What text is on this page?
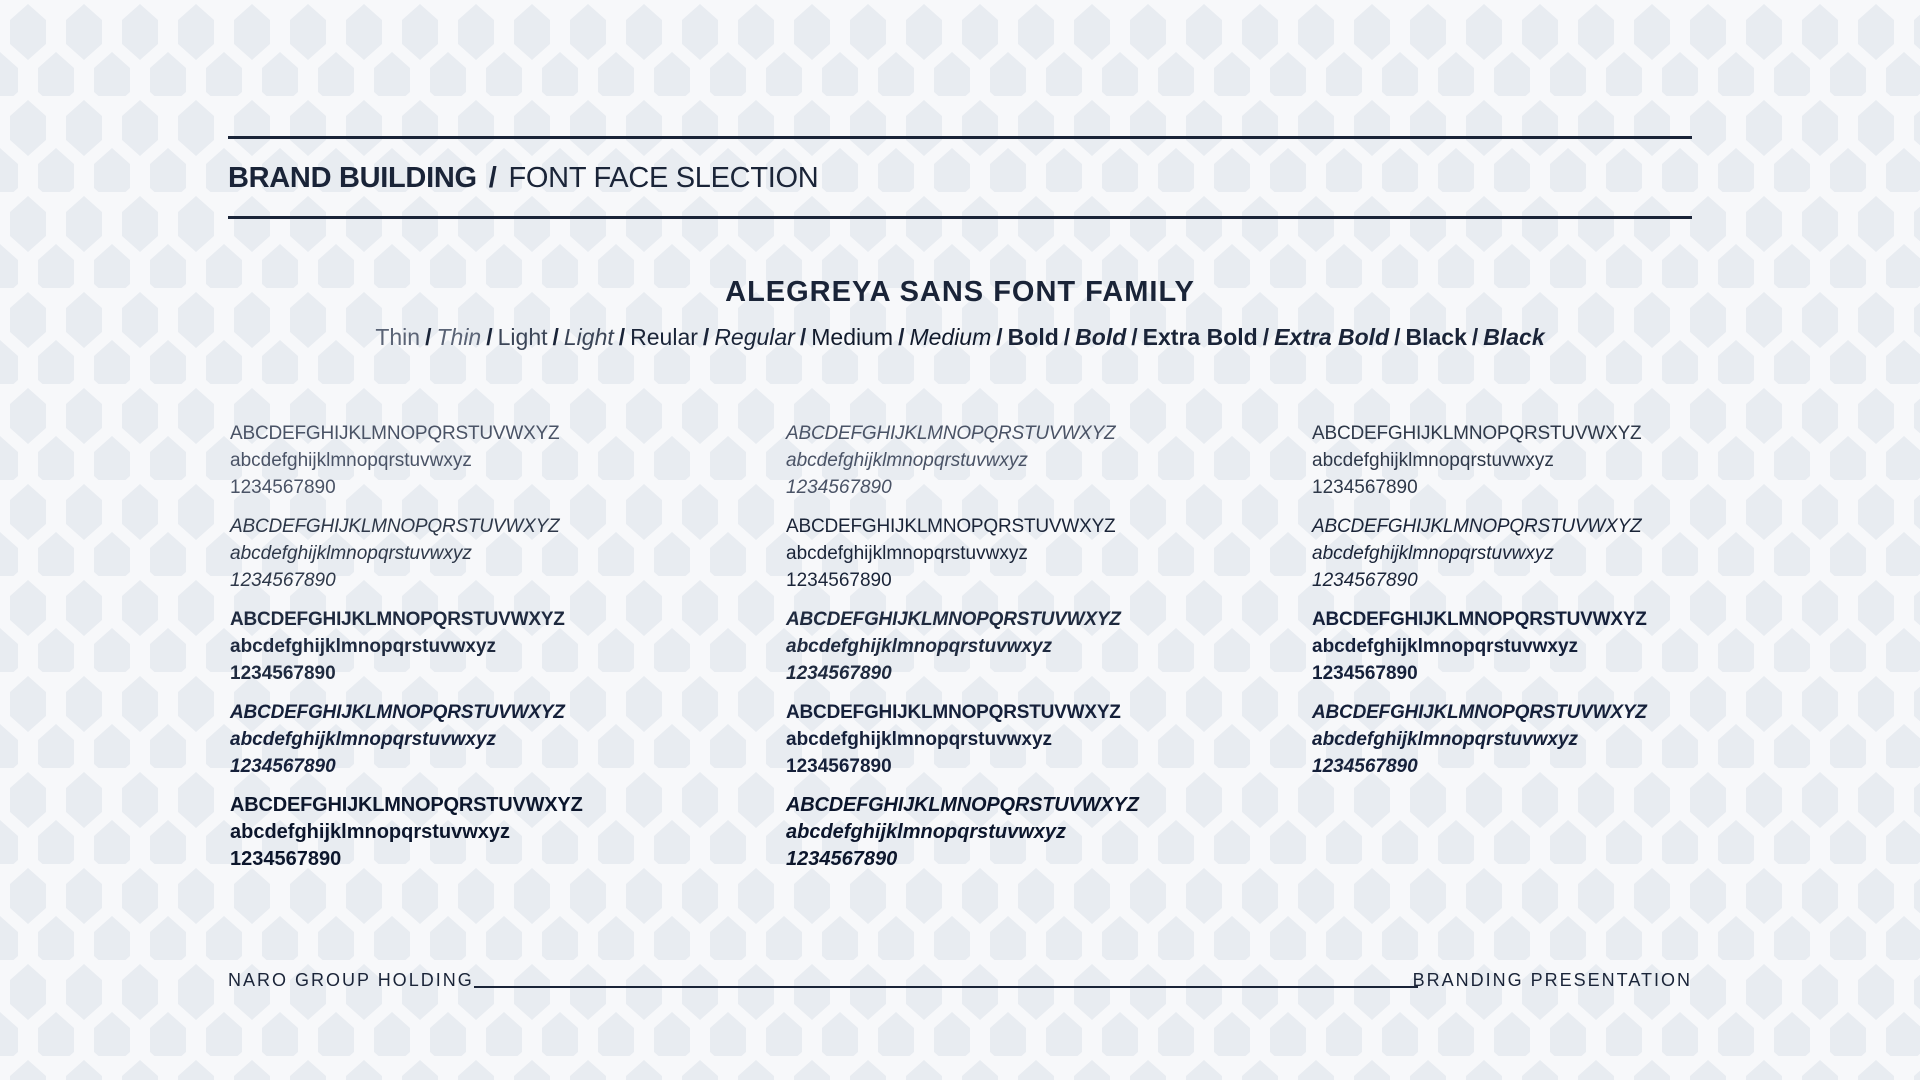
BRAND BUILDING / FONT FACE SLECTION
ALEGREYA SANS FONT FAMILY
Thin / Thin / Light / Light / Reular / Regular / Medium / Medium / Bold / Bold / Extra Bold / Extra Bold / Black / Black
ABCDEFGHIJKLMNOPQRSTUVWXYZ
abcdefghijklmnopqrstuvwxyz
1234567890
ABCDEFGHIJKLMNOPQRSTUVWXYZ
abcdefghijklmnopqrstuvwxyz
1234567890
ABCDEFGHIJKLMNOPQRSTUVWXYZ
abcdefghijklmnopqrstuvwxyz
1234567890
ABCDEFGHIJKLMNOPQRSTUVWXYZ
abcdefghijklmnopqrstuvwxyz
1234567890
ABCDEFGHIJKLMNOPQRSTUVWXYZ
abcdefghijklmnopqrstuvwxyz
1234567890
ABCDEFGHIJKLMNOPQRSTUVWXYZ
abcdefghijklmnopqrstuvwxyz
1234567890
ABCDEFGHIJKLMNOPQRSTUVWXYZ
abcdefghijklmnopqrstuvwxyz
1234567890
ABCDEFGHIJKLMNOPQRSTUVWXYZ
abcdefghijklmnopqrstuvwxyz
1234567890
ABCDEFGHIJKLMNOPQRSTUVWXYZ
abcdefghijklmnopqrstuvwxyz
1234567890
ABCDEFGHIJKLMNOPQRSTUVWXYZ
abcdefghijklmnopqrstuvwxyz
1234567890
ABCDEFGHIJKLMNOPQRSTUVWXYZ
abcdefghijklmnopqrstuvwxyz
1234567890
ABCDEFGHIJKLMNOPQRSTUVWXYZ
abcdefghijklmnopqrstuvwxyz
1234567890
ABCDEFGHIJKLMNOPQRSTUVWXYZ
abcdefghijklmnopqrstuvwxyz
1234567890
ABCDEFGHIJKLMNOPQRSTUVWXYZ
abcdefghijklmnopqrstuvwxyz
1234567890
NARO GROUP HOLDING	BRANDING PRESENTATION
